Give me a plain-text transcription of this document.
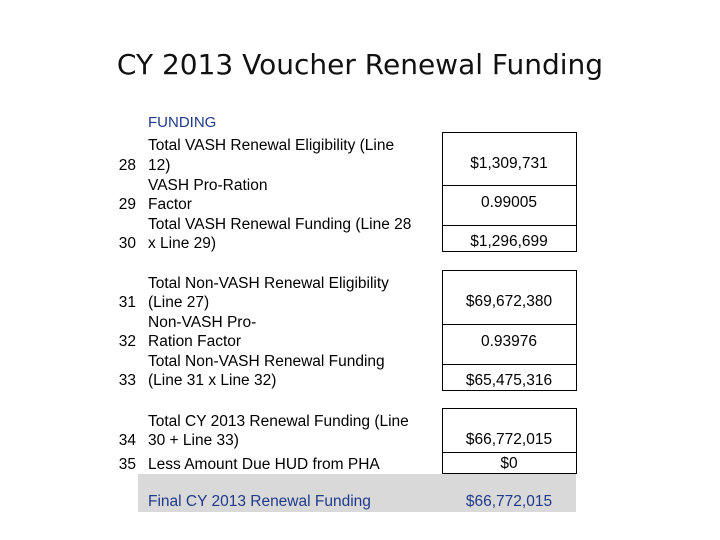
CY 2013 Voucher Renewal Funding
FUNDING
Total VASH Renewal Eligibility (Line
12)
28	$1,309,731
VASH Pro-Ration
Factor
29	0.99005
Total VASH Renewal Funding (Line 28
x Line 29)
30	$1,296,699
Total Non-VASH Renewal Eligibility
(Line 27)
31	$69,672,380
Non-VASH Pro-
Ration Factor
32	0.93976
Total Non-VASH Renewal Funding
(Line 31 x Line 32)
33	$65,475,316
Total CY 2013 Renewal Funding (Line
30 + Line 33)
34	$66,772,015
Less Amount Due HUD from PHA
35	$0
Final CY 2013 Renewal Funding
36	$66,772,015
